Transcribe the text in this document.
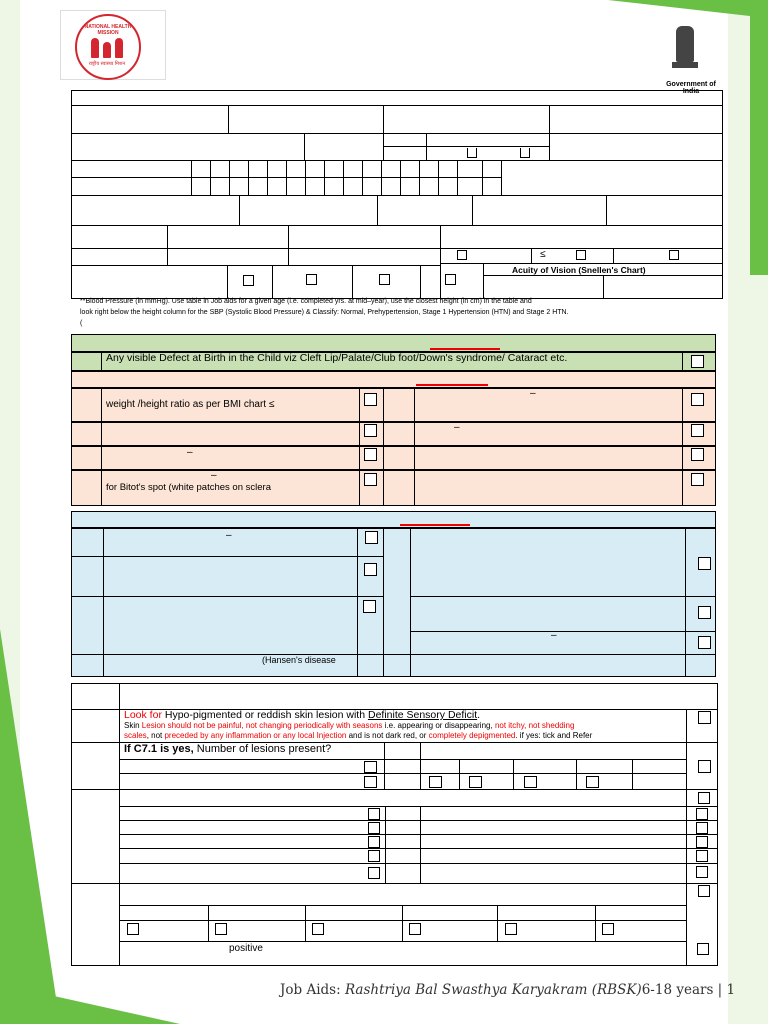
NATIONAL HEALTH MISSION
राष्ट्रीय स्वास्थ्य मिशन
Government of India
≤
Acuity of Vision (Snellen's Chart)
**Blood Pressure (in mmHg). Use table in Job aids for a given age (i.e. completed yrs. at mid–year), use the closest height (in cm) in the table and
look right below the height column for the SBP (Systolic Blood Pressure) & Classify: Normal, Prehypertension, Stage 1 Hypertension (HTN) and Stage 2 HTN.
(
Any visible Defect at Birth in the Child viz Cleft Lip/Palate/Club foot/Down's syndrome/ Cataract etc.
weight /height ratio as per BMI chart ≤
–
–
–
–
for Bitot's spot (white patches on sclera
–
–
(Hansen's disease
Look for Hypo-pigmented or reddish skin lesion with Definite Sensory Deficit.
Skin Lesion should not be painful, not changing periodically with seasons i.e. appearing or disappearing, not itchy, not shedding
scales, not preceded by any inflammation or any local Injection and is not dark red, or completely depigmented. if yes: tick and Refer
If C7.1 is yes, Number of lesions present?
positive
Job Aids: Rashtriya Bal Swasthya Karyakram (RBSK)6-18 years | 1
